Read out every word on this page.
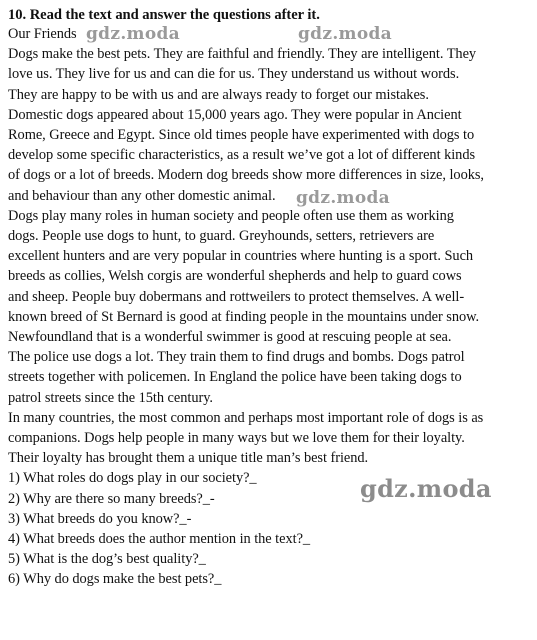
10. Read the text and answer the questions after it.
Our Friends
Dogs make the best pets. They are faithful and friendly. They are intelligent. They
love us. They live for us and can die for us. They understand us without words.
They are happy to be with us and are always ready to forget our mistakes.
Domestic dogs appeared about 15,000 years ago. They were popular in Ancient
Rome, Greece and Egypt. Since old times people have experimented with dogs to
develop some specific characteristics, as a result we’ve got a lot of different kinds
of dogs or a lot of breeds. Modern dog breeds show more differences in size, looks,
and behaviour than any other domestic animal.
Dogs play many roles in human society and people often use them as working
dogs. People use dogs to hunt, to guard. Greyhounds, setters, retrievers are
excellent hunters and are very popular in countries where hunting is a sport. Such
breeds as collies, Welsh corgis are wonderful shepherds and help to guard cows
and sheep. People buy dobermans and rottweilers to protect themselves. A well-
known breed of St Bernard is good at finding people in the mountains under snow.
Newfoundland that is a wonderful swimmer is good at rescuing people at sea.
The police use dogs a lot. They train them to find drugs and bombs. Dogs patrol
streets together with policemen. In England the police have been taking dogs to
patrol streets since the 15th century.
In many countries, the most common and perhaps most important role of dogs is as
companions. Dogs help people in many ways but we love them for their loyalty.
Their loyalty has brought them a unique title man’s best friend.
1) What roles do dogs play in our society?_
2) Why are there so many breeds?_-
3) What breeds do you know?_-
4) What breeds does the author mention in the text?_
5) What is the dog’s best quality?_
6) Why do dogs make the best pets?_
gdz.moda	gdz.moda
gdz.moda
gdz.moda
